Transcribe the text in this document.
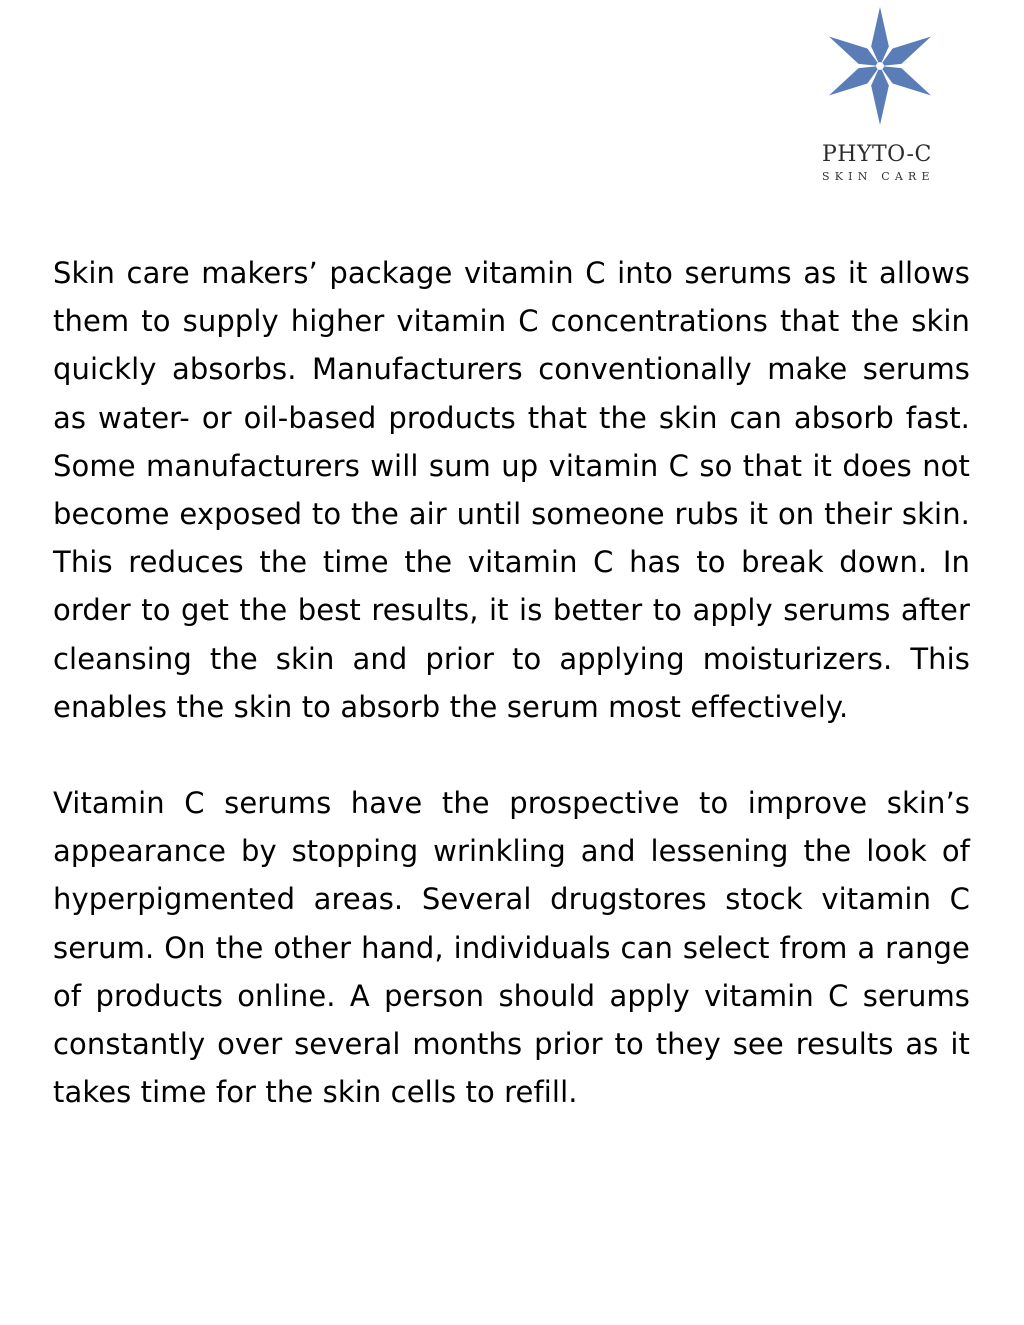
PHYTO-C
SKIN CARE

Skin care makers’ package vitamin C into serums as it allows them to supply higher vitamin C concentrations that the skin quickly absorbs. Manufacturers conventionally make serums as water- or oil-based products that the skin can absorb fast. Some manufacturers will sum up vitamin C so that it does not become exposed to the air until someone rubs it on their skin. This reduces the time the vitamin C has to break down. In order to get the best results, it is better to apply serums after cleansing the skin and prior to applying moisturizers. This enables the skin to absorb the serum most effectively.

Vitamin C serums have the prospective to improve skin’s appearance by stopping wrinkling and lessening the look of hyperpigmented areas. Several drugstores stock vitamin C serum. On the other hand, individuals can select from a range of products online. A person should apply vitamin C serums constantly over several months prior to they see results as it takes time for the skin cells to refill.
